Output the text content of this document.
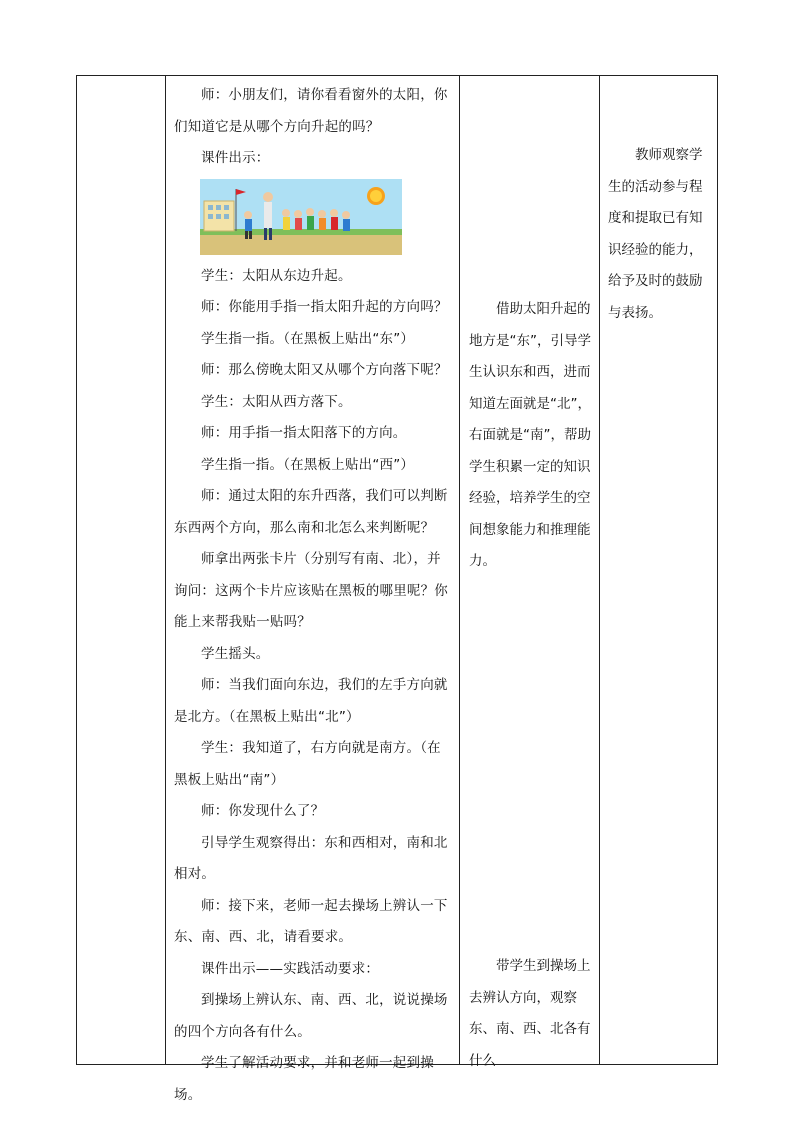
师：小朋友们，请你看看窗外的太阳，你们知道它是从哪个方向升起的吗？

课件出示：

学生：太阳从东边升起。

师：你能用手指一指太阳升起的方向吗？

学生指一指。（在黑板上贴出“东”）

师：那么傍晚太阳又从哪个方向落下呢？

学生：太阳从西方落下。

师：用手指一指太阳落下的方向。

学生指一指。（在黑板上贴出“西”）

师：通过太阳的东升西落，我们可以判断东西两个方向，那么南和北怎么来判断呢？

师拿出两张卡片（分别写有南、北），并询问：这两个卡片应该贴在黑板的哪里呢？你能上来帮我贴一贴吗？

学生摇头。

师：当我们面向东边，我们的左手方向就是北方。（在黑板上贴出“北”）

学生：我知道了，右方向就是南方。（在黑板上贴出“南”）

师：你发现什么了？

引导学生观察得出：东和西相对，南和北相对。

师：接下来，老师一起去操场上辨认一下东、南、西、北，请看要求。

课件出示——实践活动要求：

到操场上辨认东、南、西、北，说说操场的四个方向各有什么。

学生了解活动要求，并和老师一起到操场。

借助太阳升起的地方是“东”，引导学生认识东和西，进而知道左面就是“北”，右面就是“南”，帮助学生积累一定的知识经验，培养学生的空间想象能力和推理能力。

带学生到操场上去辨认方向，观察东、南、西、北各有什么

教师观察学生的活动参与程度和提取已有知识经验的能力，给予及时的鼓励与表扬。
